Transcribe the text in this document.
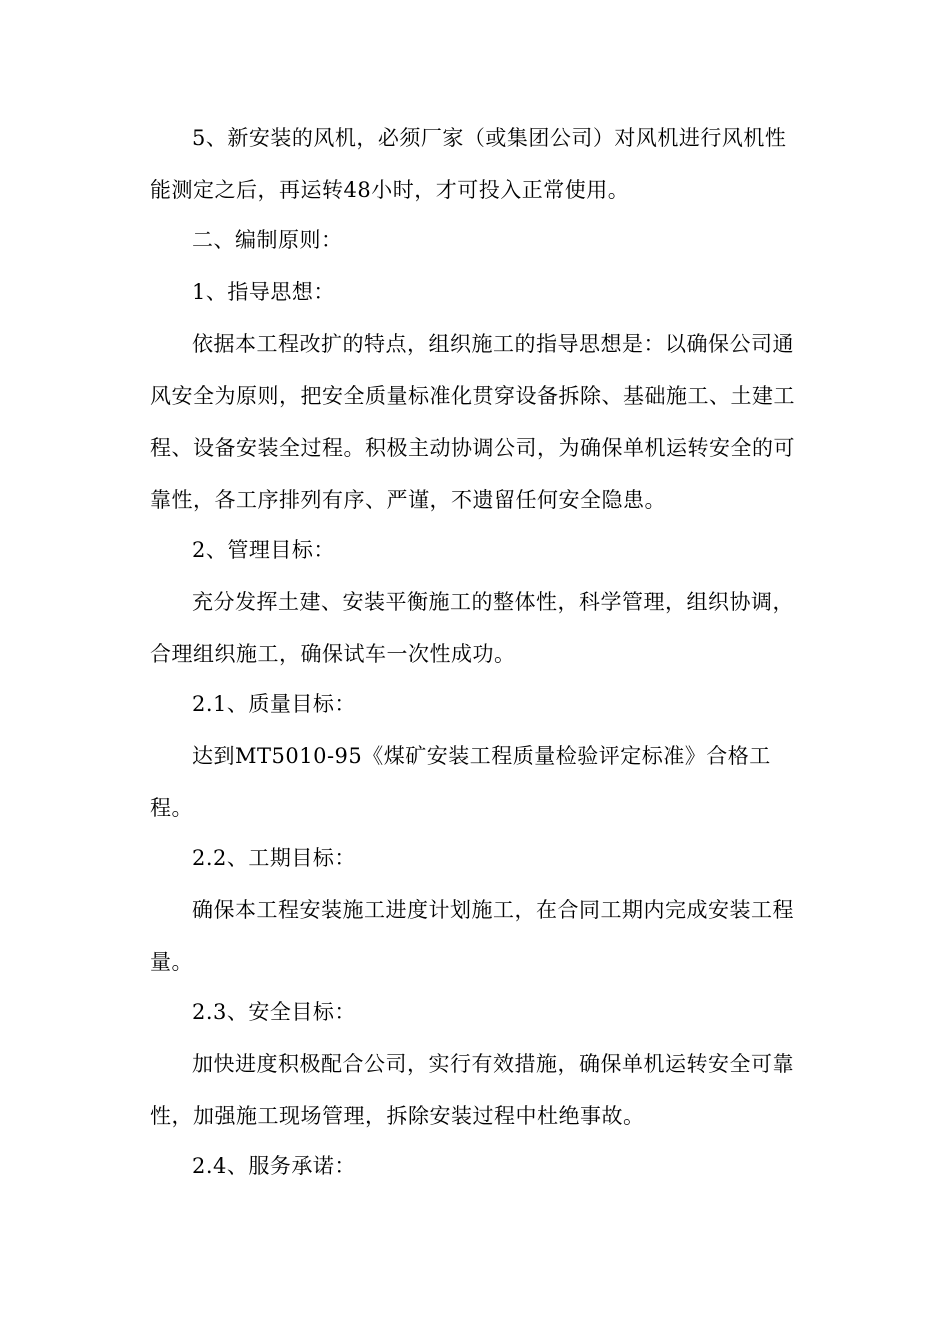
5、新安装的风机，必须厂家（或集团公司）对风机进行风机性能测定之后，再运转48小时，才可投入正常使用。

二、编制原则：

1、指导思想：

依据本工程改扩的特点，组织施工的指导思想是：以确保公司通风安全为原则，把安全质量标准化贯穿设备拆除、基础施工、土建工程、设备安装全过程。积极主动协调公司，为确保单机运转安全的可靠性，各工序排列有序、严谨，不遗留任何安全隐患。

2、管理目标：

充分发挥土建、安装平衡施工的整体性，科学管理，组织协调，合理组织施工，确保试车一次性成功。

2.1、质量目标：

达到MT5010-95《煤矿安装工程质量检验评定标准》合格工程。

2.2、工期目标：

确保本工程安装施工进度计划施工，在合同工期内完成安装工程量。

2.3、安全目标：

加快进度积极配合公司，实行有效措施，确保单机运转安全可靠性，加强施工现场管理，拆除安装过程中杜绝事故。

2.4、服务承诺：
